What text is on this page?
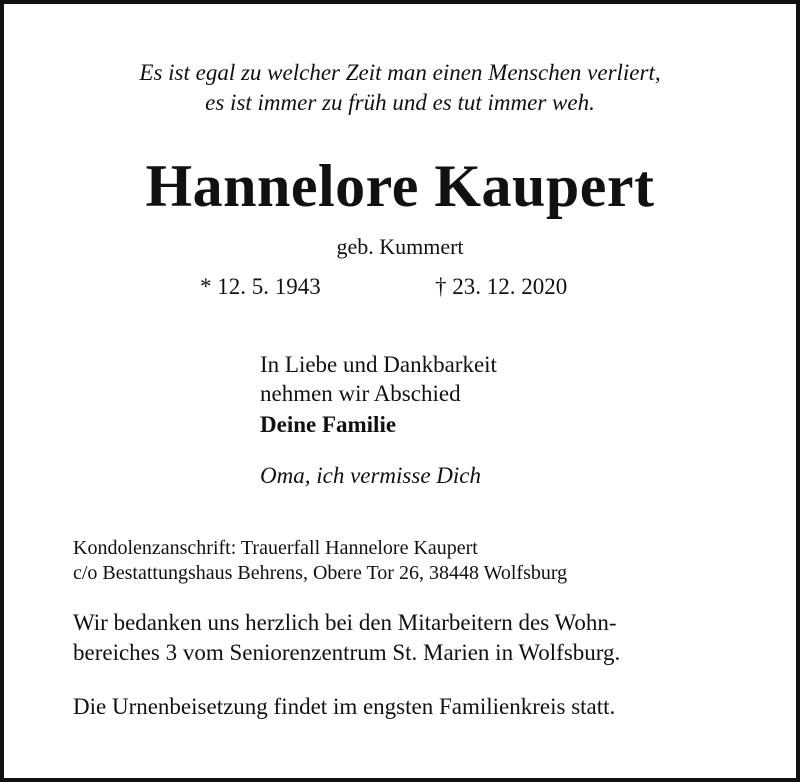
Es ist egal zu welcher Zeit man einen Menschen verliert,
es ist immer zu früh und es tut immer weh.
Hannelore Kaupert
geb. Kummert
* 12. 5. 1943	† 23. 12. 2020
In Liebe und Dankbarkeit
nehmen wir Abschied
Deine Familie
Oma, ich vermisse Dich
Kondolenzanschrift: Trauerfall Hannelore Kaupert
c/o Bestattungshaus Behrens, Obere Tor 26, 38448 Wolfsburg
Wir bedanken uns herzlich bei den Mitarbeitern des Wohn-
bereiches 3 vom Seniorenzentrum St. Marien in Wolfsburg.
Die Urnenbeisetzung findet im engsten Familienkreis statt.
